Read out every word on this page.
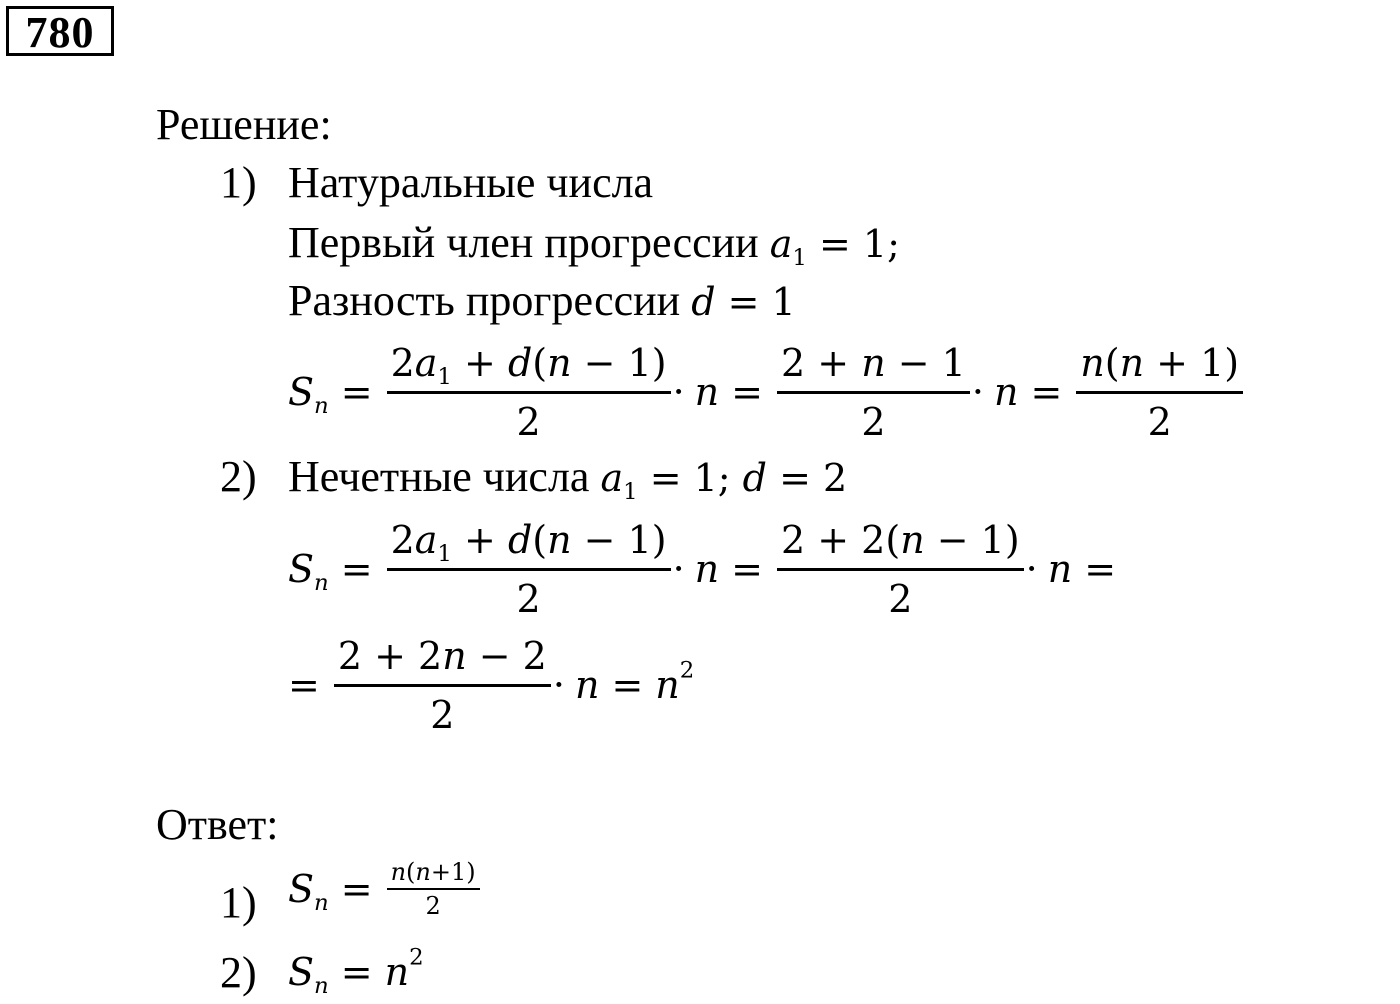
780
Решение:
1) Натуральные числа
Первый член прогрессии $a_1 = 1$;
Разность прогрессии d = 1
$S_n = \frac{2a_1 + d(n - 1)}{2} \cdot n = \frac{2 + n - 1}{2} \cdot n = \frac{n(n + 1)}{2}$
2) Нечетные числа $a_1 = 1$; d = 2
$S_n = \frac{2a_1 + d(n - 1)}{2} \cdot n = \frac{2 + 2(n - 1)}{2} \cdot n$ =
= $\frac{2 + 2n - 2}{2} \cdot n = n^2$
Ответ:
1) $S_n = \frac{n(n+1)}{2}$
2) $S_n = n^2$
